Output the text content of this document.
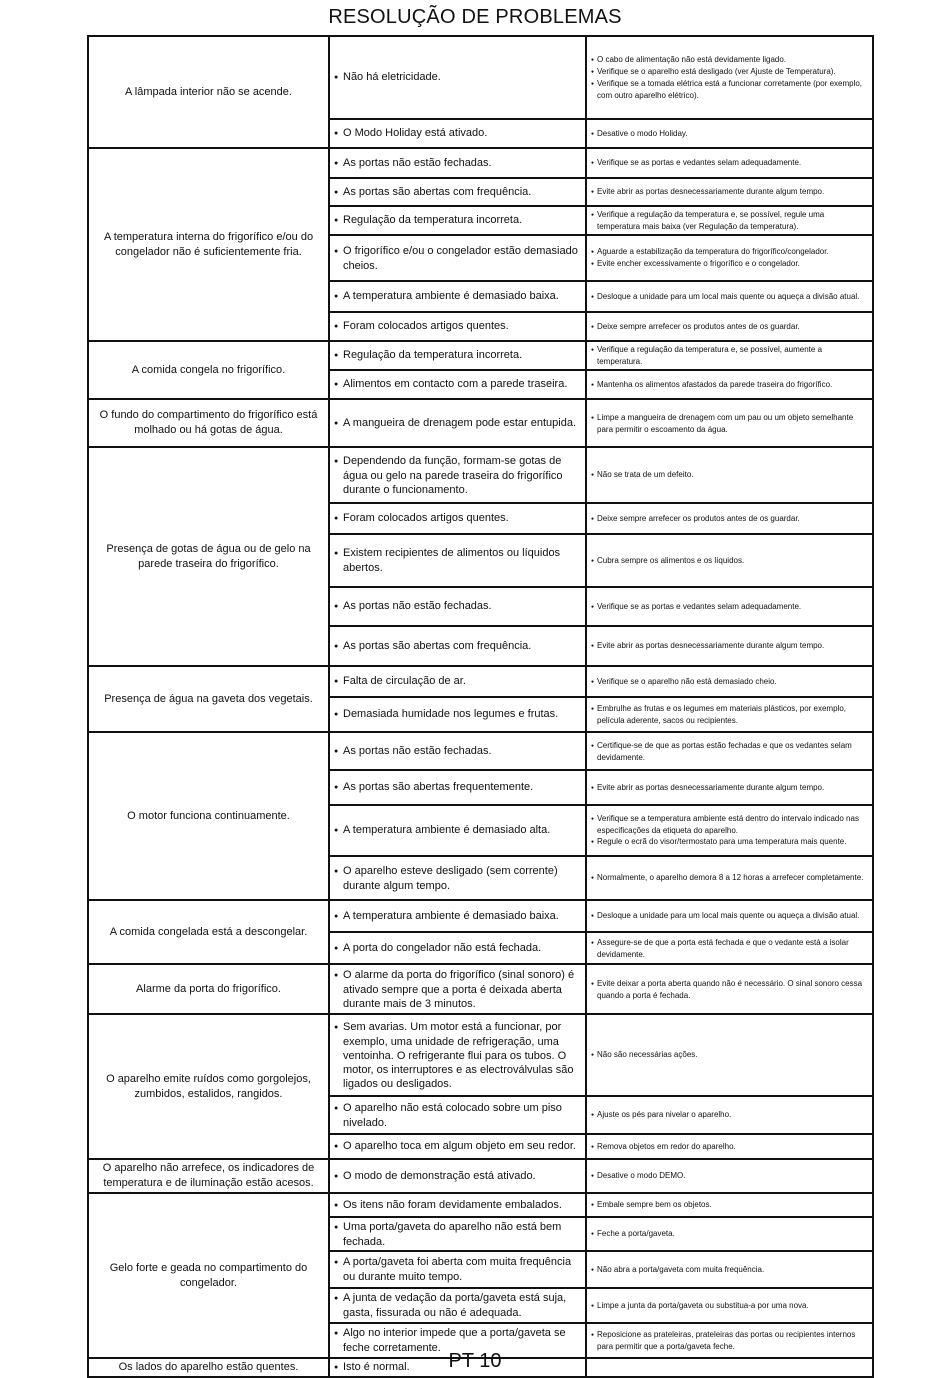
RESOLUÇÃO DE PROBLEMAS
A lâmpada interior não se acende.	● Não há eletricidade.	● O cabo de alimentação não está devidamente ligado.
● Verifique se o aparelho está desligado (ver Ajuste de Temperatura).
● Verifique se a tomada elétrica está a funcionar corretamente (por exemplo, com outro aparelho elétrico).

	● O Modo Holiday está ativado.	● Desative o modo Holiday.

A temperatura interna do frigorífico e/ou do congelador não é suficientemente fria.	● As portas não estão fechadas.	● Verifique se as portas e vedantes selam adequadamente.

	● As portas são abertas com frequência.	● Evite abrir as portas desnecessariamente durante algum tempo.

	● Regulação da temperatura incorreta.	● Verifique a regulação da temperatura e, se possível, regule uma temperatura mais baixa (ver Regulação da temperatura).

	● O frigorífico e/ou o congelador estão demasiado cheios.	● Aguarde a estabilização da temperatura do frigorífico/congelador.
● Evite encher excessivamente o frigorífico e o congelador.

	● A temperatura ambiente é demasiado baixa.	● Desloque a unidade para um local mais quente ou aqueça a divisão atual.

	● Foram colocados artigos quentes.	● Deixe sempre arrefecer os produtos antes de os guardar.

A comida congela no frigorífico.	● Regulação da temperatura incorreta.	● Verifique a regulação da temperatura e, se possível, aumente a temperatura.

	● Alimentos em contacto com a parede traseira.	● Mantenha os alimentos afastados da parede traseira do frigorífico.

O fundo do compartimento do frigorífico está molhado ou há gotas de água.	● A mangueira de drenagem pode estar entupida.	● Limpe a mangueira de drenagem com um pau ou um objeto semelhante para permitir o escoamento da água.

Presença de gotas de água ou de gelo na parede traseira do frigorífico.	● Dependendo da função, formam-se gotas de água ou gelo na parede traseira do frigorífico durante o funcionamento.	● Não se trata de um defeito.

	● Foram colocados artigos quentes.	● Deixe sempre arrefecer os produtos antes de os guardar.

	● Existem recipientes de alimentos ou líquidos abertos.	● Cubra sempre os alimentos e os líquidos.

	● As portas não estão fechadas.	● Verifique se as portas e vedantes selam adequadamente.

	● As portas são abertas com frequência.	● Evite abrir as portas desnecessariamente durante algum tempo.

Presença de água na gaveta dos vegetais.	● Falta de circulação de ar.	● Verifique se o aparelho não está demasiado cheio.

	● Demasiada humidade nos legumes e frutas.	● Embrulhe as frutas e os legumes em materiais plásticos, por exemplo, película aderente, sacos ou recipientes.

O motor funciona continuamente.	● As portas não estão fechadas.	● Certifique-se de que as portas estão fechadas e que os vedantes selam devidamente.

	● As portas são abertas frequentemente.	● Evite abrir as portas desnecessariamente durante algum tempo.

	● A temperatura ambiente é demasiado alta.	● Verifique se a temperatura ambiente está dentro do intervalo indicado nas especificações da etiqueta do aparelho.
● Regule o ecrã do visor/termostato para uma temperatura mais quente.

	● O aparelho esteve desligado (sem corrente) durante algum tempo.	● Normalmente, o aparelho demora 8 a 12 horas a arrefecer completamente.

A comida congelada está a descongelar.	● A temperatura ambiente é demasiado baixa.	● Desloque a unidade para um local mais quente ou aqueça a divisão atual.

	● A porta do congelador não está fechada.	● Assegure-se de que a porta está fechada e que o vedante está a isolar devidamente.

Alarme da porta do frigorífico.	● O alarme da porta do frigorífico (sinal sonoro) é ativado sempre que a porta é deixada aberta durante mais de 3 minutos.	● Evite deixar a porta aberta quando não é necessário. O sinal sonoro cessa quando a porta é fechada.

O aparelho emite ruídos como gorgolejos, zumbidos, estalidos, rangidos.	● Sem avarias. Um motor está a funcionar, por exemplo, uma unidade de refrigeração, uma ventoinha. O refrigerante flui para os tubos. O motor, os interruptores e as electroválvulas são ligados ou desligados.	● Não são necessárias ações.

	● O aparelho não está colocado sobre um piso nivelado.	● Ajuste os pés para nivelar o aparelho.

	● O aparelho toca em algum objeto em seu redor.	● Remova objetos em redor do aparelho.

O aparelho não arrefece, os indicadores de temperatura e de iluminação estão acesos.	● O modo de demonstração está ativado.	● Desative o modo DEMO.

Gelo forte e geada no compartimento do congelador.	● Os itens não foram devidamente embalados.	● Embale sempre bem os objetos.

	● Uma porta/gaveta do aparelho não está bem fechada.	● Feche a porta/gaveta.

	● A porta/gaveta foi aberta com muita frequência ou durante muito tempo.	● Não abra a porta/gaveta com muita frequência.

	● A junta de vedação da porta/gaveta está suja, gasta, fissurada ou não é adequada.	● Limpe a junta da porta/gaveta ou substitua-a por uma nova.

	● Algo no interior impede que a porta/gaveta se feche corretamente.	● Reposicione as prateleiras, prateleiras das portas ou recipientes internos para permitir que a porta/gaveta feche.

Os lados do aparelho estão quentes.	● Isto é normal.
		PT 10
